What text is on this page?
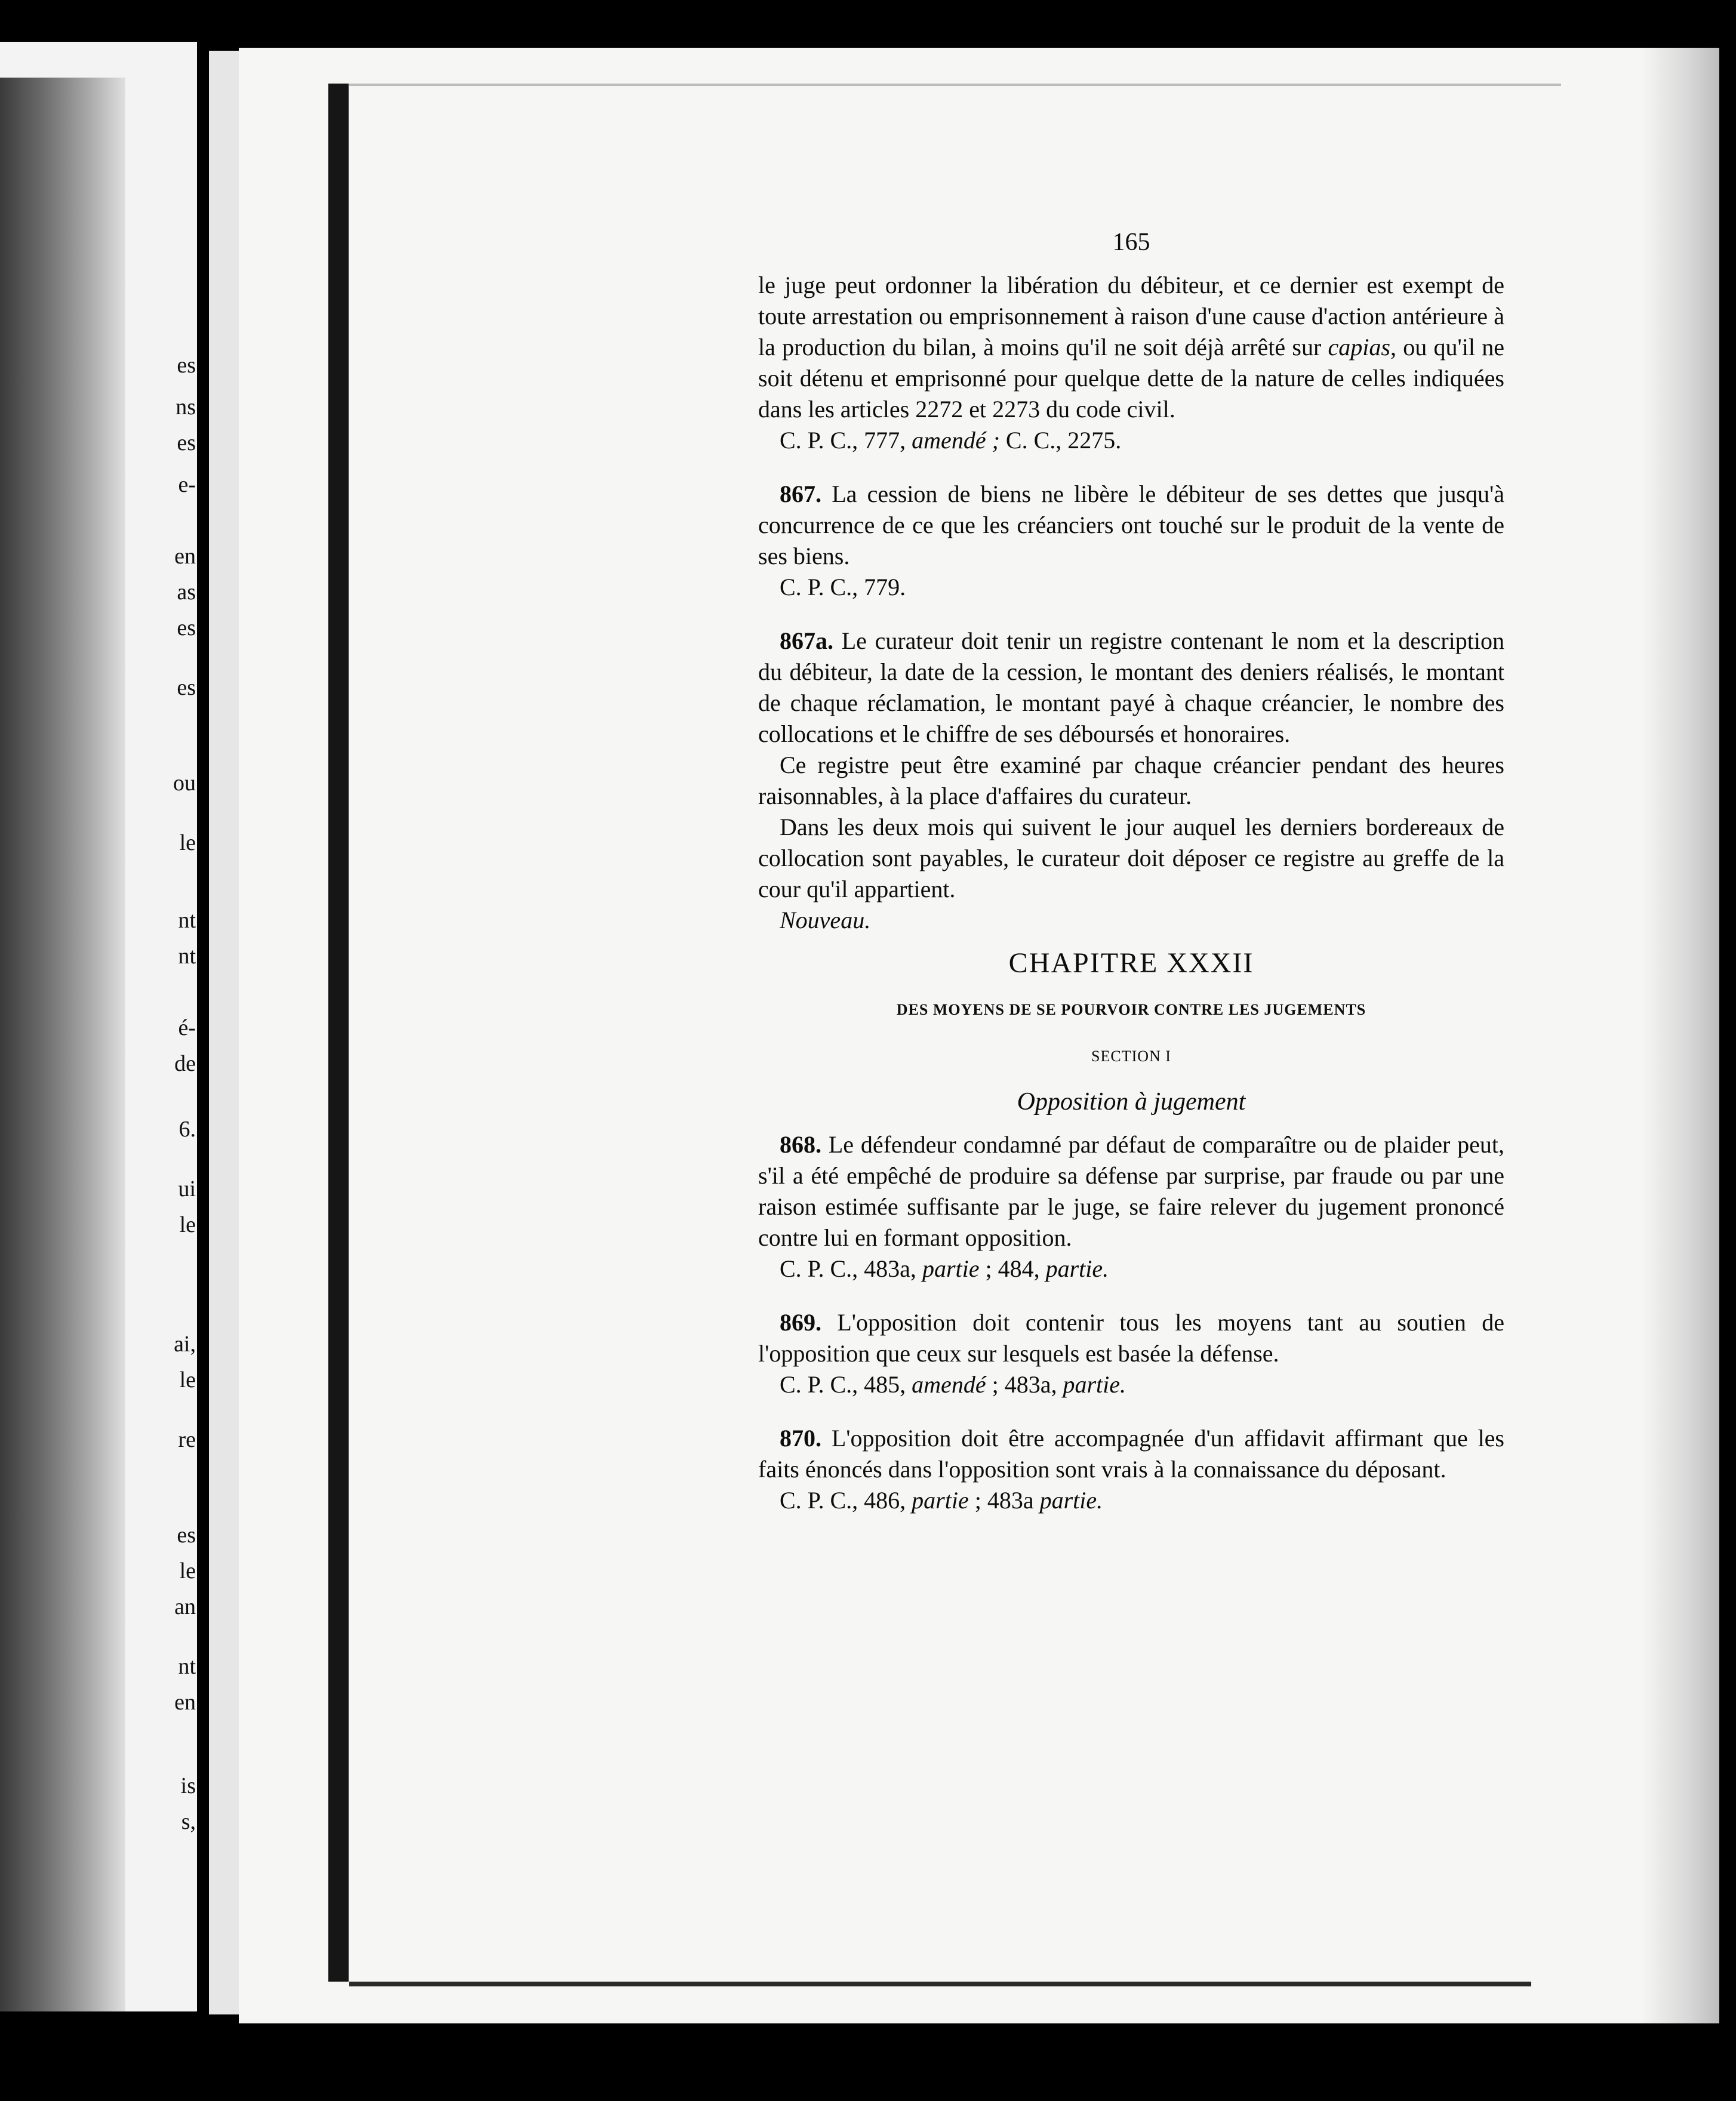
es
ns
es
e-
en
as
es
es
ou
le
nt
nt
é-
de
6.
ui
le
ai,
le
re
es
le
an
nt
en
is
s,
165

le juge peut ordonner la libération du débiteur, et ce dernier est exempt de toute arrestation ou emprisonnement à raison d'une cause d'action antérieure à la production du bilan, à moins qu'il ne soit déjà arrêté sur capias, ou qu'il ne soit détenu et emprisonné pour quelque dette de la nature de celles indiquées dans les articles 2272 et 2273 du code civil.

C. P. C., 777, amendé ; C. C., 2275.

867. La cession de biens ne libère le débiteur de ses dettes que jusqu'à concurrence de ce que les créanciers ont touché sur le produit de la vente de ses biens.

C. P. C., 779.

867a. Le curateur doit tenir un registre contenant le nom et la description du débiteur, la date de la cession, le montant des deniers réalisés, le montant de chaque réclamation, le montant payé à chaque créancier, le nombre des collocations et le chiffre de ses déboursés et honoraires.

Ce registre peut être examiné par chaque créancier pendant des heures raisonnables, à la place d'affaires du curateur.

Dans les deux mois qui suivent le jour auquel les derniers bordereaux de collocation sont payables, le curateur doit déposer ce registre au greffe de la cour qu'il appartient.

Nouveau.

CHAPITRE XXXII
DES MOYENS DE SE POURVOIR CONTRE LES JUGEMENTS
SECTION I
Opposition à jugement

868. Le défendeur condamné par défaut de comparaître ou de plaider peut, s'il a été empêché de produire sa défense par surprise, par fraude ou par une raison estimée suffisante par le juge, se faire relever du jugement prononcé contre lui en formant opposition.

C. P. C., 483a, partie ; 484, partie.

869. L'opposition doit contenir tous les moyens tant au soutien de l'opposition que ceux sur lesquels est basée la défense.

C. P. C., 485, amendé ; 483a, partie.

870. L'opposition doit être accompagnée d'un affidavit affirmant que les faits énoncés dans l'opposition sont vrais à la connaissance du déposant.

C. P. C., 486, partie ; 483a partie.
